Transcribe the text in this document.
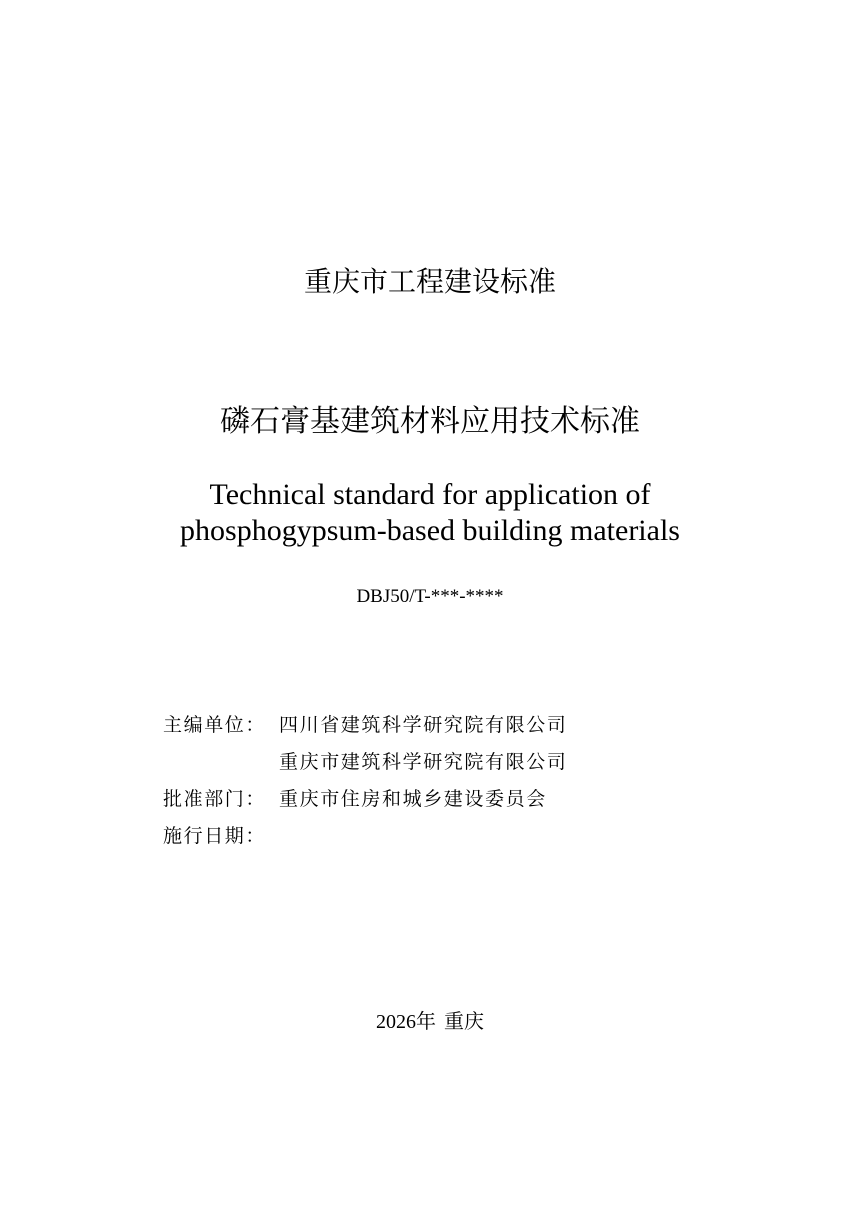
重庆市工程建设标准
磷石膏基建筑材料应用技术标准
Technical standard for application of
phosphogypsum-based building materials
DBJ50/T-***-****
主编单位： 四川省建筑科学研究院有限公司
重庆市建筑科学研究院有限公司
批准部门： 重庆市住房和城乡建设委员会
施行日期：
2026年 重庆
